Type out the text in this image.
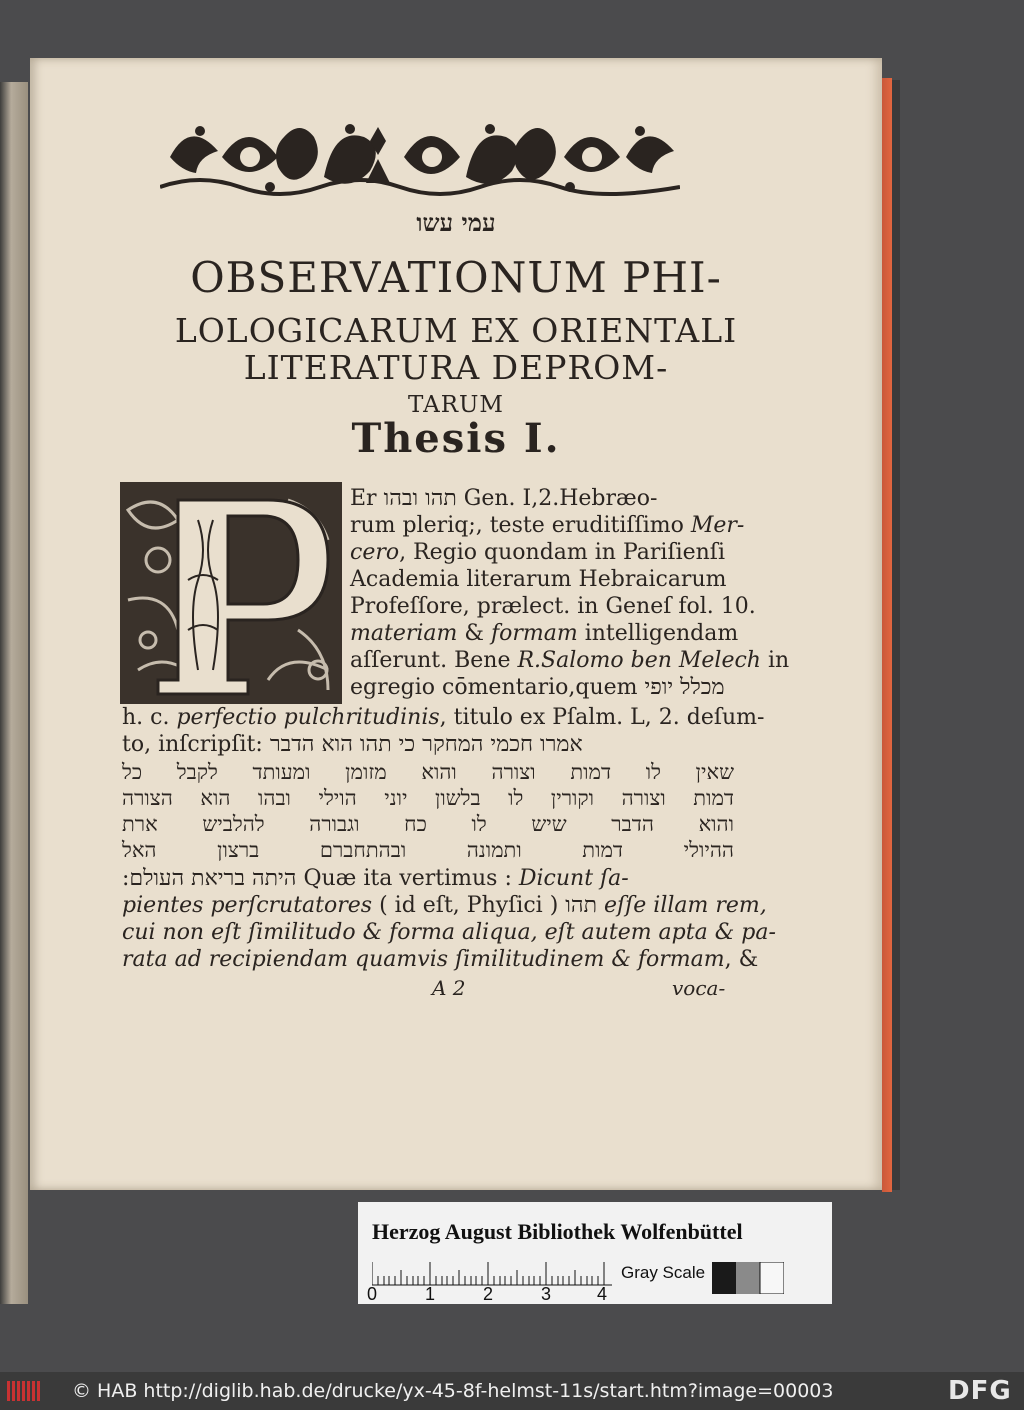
עמי עשו
OBSERVATIONUM PHI-
LOLOGICARUM EX ORIENTALI
LITERATURA DEPROM-
TARUM
Thesis I.
Er תהו ובהו Gen. I,2.Hebræo-
rum pleriq;, teste eruditiſſimo Mer-
cero, Regio quondam in Pariſienſi
Academia literarum Hebraicarum
Profeſſore, prælect. in Geneſ fol. 10.
materiam & formam intelligendam
aſſerunt. Bene R.Salomo ben Melech in
egregio cōmentario,quem מכלל יופי
h. c. perfectio pulchritudinis, titulo ex Pſalm. L, 2. deſum-
to, inſcripſit: אמרו חכמי המחקר כי תהו הוא הדבר
שאין לו דמות וצורה והוא מזומן ומעותד לקבל כל
דמות וצורה וקורין לו בלשון יוני הוילי ובהו הוא הצורה
והוא הדבר שיש לו כח וגבורה להלביש ארת
ההיולי דמות ותמונה ובהתחברם ברצון האל
היתה בריאת העולם: Quæ ita vertimus : Dicunt ſa-
pientes perſcrutatores ( id eſt, Phyſici ) תהו eſſe illam rem,
cui non eſt ſimilitudo & forma aliqua, eſt autem apta & pa-
rata ad recipiendam quamvis ſimilitudinem & formam, &
A 2	voca-
Herzog August Bibliothek Wolfenbüttel
0	1	2	3	4
Gray Scale
© HAB http://diglib.hab.de/drucke/yx-45-8f-helmst-11s/start.htm?image=00003	DFG
